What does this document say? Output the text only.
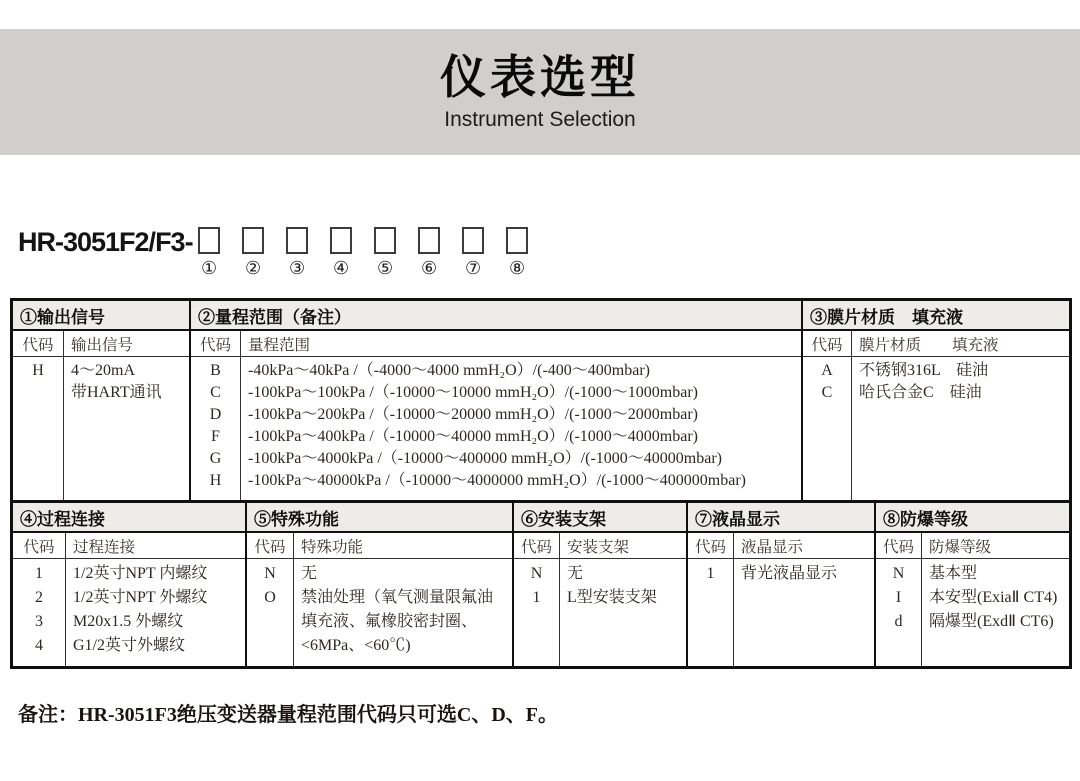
仪表选型
Instrument Selection
HR-3051F2/F3-
① ② ③ ④ ⑤ ⑥ ⑦ ⑧
①输出信号
代码	输出信号
H	4～20mA
带HART通讯
②量程范围（备注）
代码	量程范围
B	-40kPa～40kPa /（-4000～4000 mmH₂O）/(-400～400mbar)
C	-100kPa～100kPa /（-10000～10000 mmH₂O）/(-1000～1000mbar)
D	-100kPa～200kPa /（-10000～20000 mmH₂O）/(-1000～2000mbar)
F	-100kPa～400kPa /（-10000～40000 mmH₂O）/(-1000～4000mbar)
G	-100kPa～4000kPa /（-10000～400000 mmH₂O）/(-1000～40000mbar)
H	-100kPa～40000kPa /（-10000～4000000 mmH₂O）/(-1000～400000mbar)
③膜片材质　填充液
代码	膜片材质　　填充液
A	不锈钢316L　硅油
C	哈氏合金C　硅油
④过程连接
代码	过程连接
1	1/2英寸NPT 内螺纹
2	1/2英寸NPT 外螺纹
3	M20x1.5 外螺纹
4	G1/2英寸外螺纹
⑤特殊功能
代码	特殊功能
N	无
O	禁油处理（氧气测量限氟油
填充液、氟橡胶密封圈、
<6MPa、<60℃)
⑥安装支架
代码 安装支架
N	无
1	L型安装支架
⑦液晶显示
代码 液晶显示
1	背光液晶显示
⑧防爆等级
代码 防爆等级
N	基本型
I	本安型(ExiaⅡ CT4)
d	隔爆型(ExdⅡ CT6)
备注：HR-3051F3绝压变送器量程范围代码只可选C、D、F。
